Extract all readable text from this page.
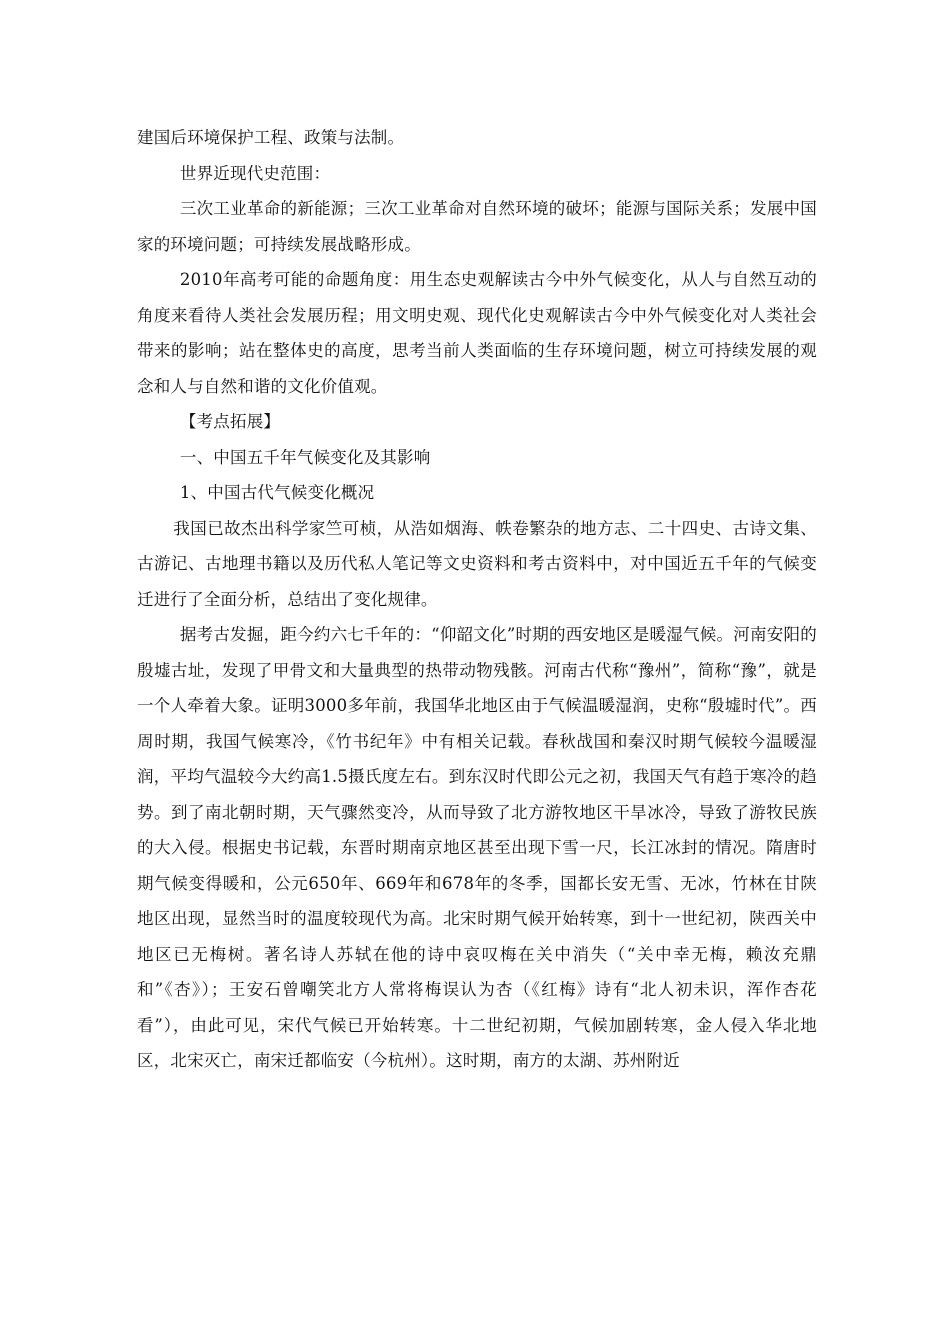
建国后环境保护工程、政策与法制。

世界近现代史范围：

三次工业革命的新能源；三次工业革命对自然环境的破坏；能源与国际关系；发展中国家的环境问题；可持续发展战略形成。

2010年高考可能的命题角度：用生态史观解读古今中外气候变化，从人与自然互动的角度来看待人类社会发展历程；用文明史观、现代化史观解读古今中外气候变化对人类社会带来的影响；站在整体史的高度，思考当前人类面临的生存环境问题，树立可持续发展的观念和人与自然和谐的文化价值观。

【考点拓展】

一、中国五千年气候变化及其影响

1、中国古代气候变化概况

我国已故杰出科学家竺可桢，从浩如烟海、帙卷繁杂的地方志、二十四史、古诗文集、古游记、古地理书籍以及历代私人笔记等文史资料和考古资料中，对中国近五千年的气候变迁进行了全面分析，总结出了变化规律。

据考古发掘，距今约六七千年的：“仰韶文化”时期的西安地区是暖湿气候。河南安阳的殷墟古址，发现了甲骨文和大量典型的热带动物残骸。河南古代称“豫州”，简称“豫”，就是一个人牵着大象。证明3000多年前，我国华北地区由于气候温暖湿润，史称“殷墟时代”。西周时期，我国气候寒冷，《竹书纪年》中有相关记载。春秋战国和秦汉时期气候较今温暖湿润，平均气温较今大约高1.5摄氏度左右。到东汉时代即公元之初，我国天气有趋于寒冷的趋势。到了南北朝时期，天气骤然变冷，从而导致了北方游牧地区干旱冰冷，导致了游牧民族的大入侵。根据史书记载，东晋时期南京地区甚至出现下雪一尺，长江冰封的情况。隋唐时期气候变得暖和，公元650年、669年和678年的冬季，国都长安无雪、无冰，竹林在甘陕地区出现，显然当时的温度较现代为高。北宋时期气候开始转寒，到十一世纪初，陕西关中地区已无梅树。著名诗人苏轼在他的诗中哀叹梅在关中消失（“关中幸无梅，赖汝充鼎和”《杏》）；王安石曾嘲笑北方人常将梅误认为杏（《红梅》诗有“北人初未识，浑作杏花看”），由此可见，宋代气候已开始转寒。十二世纪初期，气候加剧转寒，金人侵入华北地区，北宋灭亡，南宋迁都临安（今杭州）。这时期，南方的太湖、苏州附近
